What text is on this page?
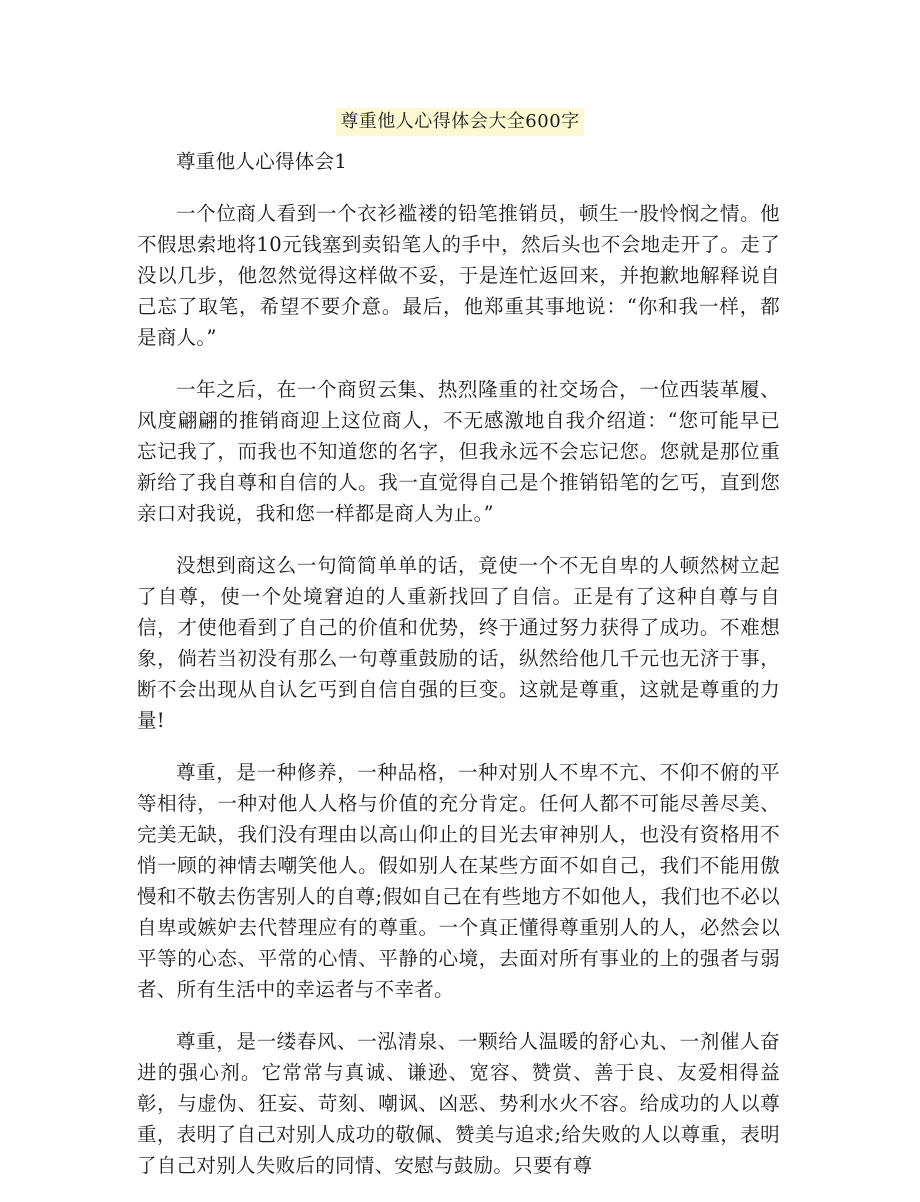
尊重他人心得体会大全600字

尊重他人心得体会1

一个位商人看到一个衣衫褴褛的铅笔推销员，顿生一股怜悯之情。他不假思索地将10元钱塞到卖铅笔人的手中，然后头也不会地走开了。走了没以几步，他忽然觉得这样做不妥，于是连忙返回来，并抱歉地解释说自己忘了取笔，希望不要介意。最后，他郑重其事地说：“你和我一样，都是商人。”

一年之后，在一个商贸云集、热烈隆重的社交场合，一位西装革履、风度翩翩的推销商迎上这位商人，不无感激地自我介绍道：“您可能早已忘记我了，而我也不知道您的名字，但我永远不会忘记您。您就是那位重新给了我自尊和自信的人。我一直觉得自己是个推销铅笔的乞丐，直到您亲口对我说，我和您一样都是商人为止。”

没想到商这么一句简简单单的话，竟使一个不无自卑的人顿然树立起了自尊，使一个处境窘迫的人重新找回了自信。正是有了这种自尊与自信，才使他看到了自己的价值和优势，终于通过努力获得了成功。不难想象，倘若当初没有那么一句尊重鼓励的话，纵然给他几千元也无济于事，断不会出现从自认乞丐到自信自强的巨变。这就是尊重，这就是尊重的力量!

尊重，是一种修养，一种品格，一种对别人不卑不亢、不仰不俯的平等相待，一种对他人人格与价值的充分肯定。任何人都不可能尽善尽美、完美无缺，我们没有理由以高山仰止的目光去审神别人，也没有资格用不悄一顾的神情去嘲笑他人。假如别人在某些方面不如自己，我们不能用傲慢和不敬去伤害别人的自尊;假如自己在有些地方不如他人，我们也不必以自卑或嫉妒去代替理应有的尊重。一个真正懂得尊重别人的人，必然会以平等的心态、平常的心情、平静的心境，去面对所有事业的上的强者与弱者、所有生活中的幸运者与不幸者。

尊重，是一缕春风、一泓清泉、一颗给人温暖的舒心丸、一剂催人奋进的强心剂。它常常与真诚、谦逊、宽容、赞赏、善于良、友爱相得益彰，与虚伪、狂妄、苛刻、嘲讽、凶恶、势利水火不容。给成功的人以尊重，表明了自己对别人成功的敬佩、赞美与追求;给失败的人以尊重，表明了自己对别人失败后的同情、安慰与鼓励。只要有尊
